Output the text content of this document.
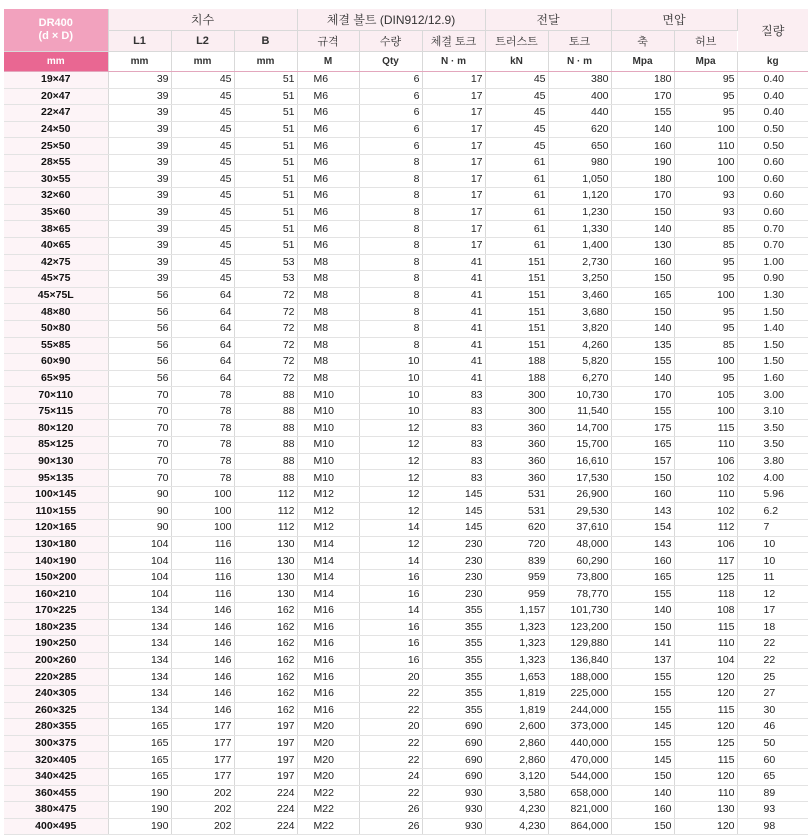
DR400
(d × D)	치수			체결 볼트 (DIN912/12.9)			전달		면압		질량
	L1	L2	B	규격	수량	체결 토크	트러스트	토크	축	허브	
mm	mm	mm	mm	M	Qty	N · m	kN	N · m	Mpa	Mpa	kg
19×47	39	45	51	M6	6	17	45	380	180	95	0.40
20×47	39	45	51	M6	6	17	45	400	170	95	0.40
22×47	39	45	51	M6	6	17	45	440	155	95	0.40
24×50	39	45	51	M6	6	17	45	620	140	100	0.50
25×50	39	45	51	M6	6	17	45	650	160	110	0.50
28×55	39	45	51	M6	8	17	61	980	190	100	0.60
30×55	39	45	51	M6	8	17	61	1,050	180	100	0.60
32×60	39	45	51	M6	8	17	61	1,120	170	93	0.60
35×60	39	45	51	M6	8	17	61	1,230	150	93	0.60
38×65	39	45	51	M6	8	17	61	1,330	140	85	0.70
40×65	39	45	51	M6	8	17	61	1,400	130	85	0.70
42×75	39	45	53	M8	8	41	151	2,730	160	95	1.00
45×75	39	45	53	M8	8	41	151	3,250	150	95	0.90
45×75L	56	64	72	M8	8	41	151	3,460	165	100	1.30
48×80	56	64	72	M8	8	41	151	3,680	150	95	1.50
50×80	56	64	72	M8	8	41	151	3,820	140	95	1.40
55×85	56	64	72	M8	8	41	151	4,260	135	85	1.50
60×90	56	64	72	M8	10	41	188	5,820	155	100	1.50
65×95	56	64	72	M8	10	41	188	6,270	140	95	1.60
70×110	70	78	88	M10	10	83	300	10,730	170	105	3.00
75×115	70	78	88	M10	10	83	300	11,540	155	100	3.10
80×120	70	78	88	M10	12	83	360	14,700	175	115	3.50
85×125	70	78	88	M10	12	83	360	15,700	165	110	3.50
90×130	70	78	88	M10	12	83	360	16,610	157	106	3.80
95×135	70	78	88	M10	12	83	360	17,530	150	102	4.00
100×145	90	100	112	M12	12	145	531	26,900	160	110	5.96
110×155	90	100	112	M12	12	145	531	29,530	143	102	6.2
120×165	90	100	112	M12	14	145	620	37,610	154	112	7
130×180	104	116	130	M14	12	230	720	48,000	143	106	10
140×190	104	116	130	M14	14	230	839	60,290	160	117	10
150×200	104	116	130	M14	16	230	959	73,800	165	125	11
160×210	104	116	130	M14	16	230	959	78,770	155	118	12
170×225	134	146	162	M16	14	355	1,157	101,730	140	108	17
180×235	134	146	162	M16	16	355	1,323	123,200	150	115	18
190×250	134	146	162	M16	16	355	1,323	129,880	141	110	22
200×260	134	146	162	M16	16	355	1,323	136,840	137	104	22
220×285	134	146	162	M16	20	355	1,653	188,000	155	120	25
240×305	134	146	162	M16	22	355	1,819	225,000	155	120	27
260×325	134	146	162	M16	22	355	1,819	244,000	155	115	30
280×355	165	177	197	M20	20	690	2,600	373,000	145	120	46
300×375	165	177	197	M20	22	690	2,860	440,000	155	125	50
320×405	165	177	197	M20	22	690	2,860	470,000	145	115	60
340×425	165	177	197	M20	24	690	3,120	544,000	150	120	65
360×455	190	202	224	M22	22	930	3,580	658,000	140	110	89
380×475	190	202	224	M22	26	930	4,230	821,000	160	130	93
400×495	190	202	224	M22	26	930	4,230	864,000	150	120	98
